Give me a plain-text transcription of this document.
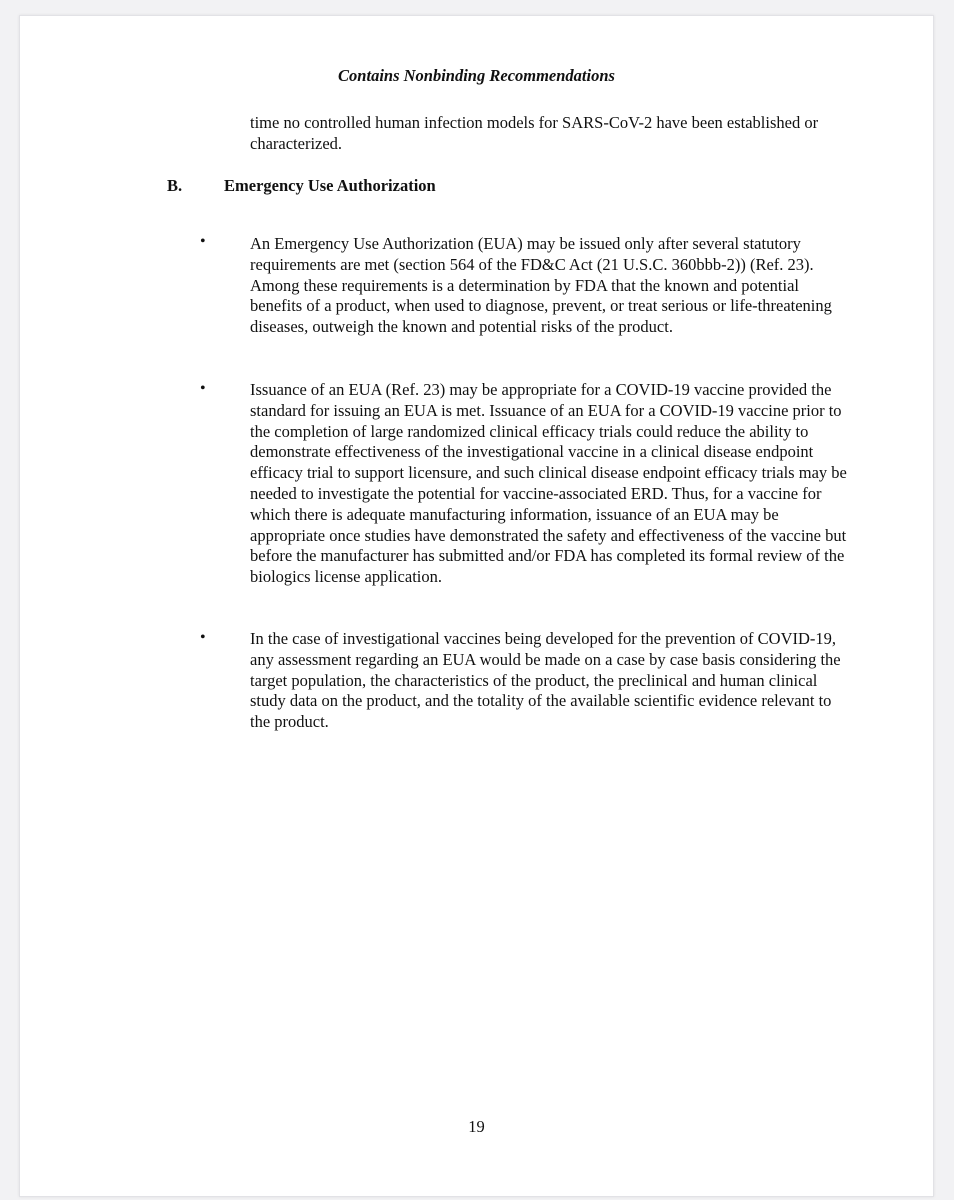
Contains Nonbinding Recommendations
time no controlled human infection models for SARS-CoV-2 have been established or characterized.
B.	Emergency Use Authorization
•	An Emergency Use Authorization (EUA) may be issued only after several statutory requirements are met (section 564 of the FD&C Act (21 U.S.C. 360bbb-2)) (Ref. 23). Among these requirements is a determination by FDA that the known and potential benefits of a product, when used to diagnose, prevent, or treat serious or life-threatening diseases, outweigh the known and potential risks of the product.
•	Issuance of an EUA (Ref. 23) may be appropriate for a COVID-19 vaccine provided the standard for issuing an EUA is met. Issuance of an EUA for a COVID-19 vaccine prior to the completion of large randomized clinical efficacy trials could reduce the ability to demonstrate effectiveness of the investigational vaccine in a clinical disease endpoint efficacy trial to support licensure, and such clinical disease endpoint efficacy trials may be needed to investigate the potential for vaccine-associated ERD. Thus, for a vaccine for which there is adequate manufacturing information, issuance of an EUA may be appropriate once studies have demonstrated the safety and effectiveness of the vaccine but before the manufacturer has submitted and/or FDA has completed its formal review of the biologics license application.
•	In the case of investigational vaccines being developed for the prevention of COVID-19, any assessment regarding an EUA would be made on a case by case basis considering the target population, the characteristics of the product, the preclinical and human clinical study data on the product, and the totality of the available scientific evidence relevant to the product.
19
